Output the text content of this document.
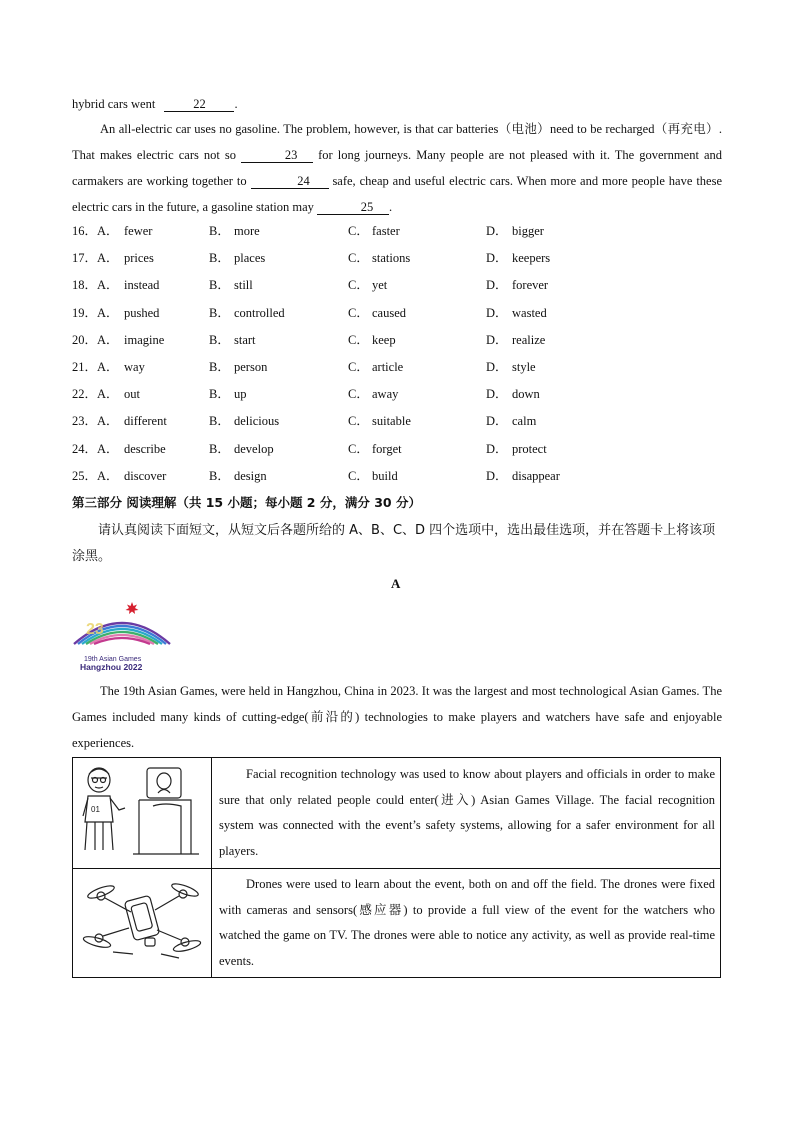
hybrid cars went	22 .
An all-electric car uses no gasoline. The problem, however, is that car batteries（电池）need to be recharged（再充电）. That makes electric cars not so	23 for long journeys. Many people are not pleased with it. The government and carmakers are working together to	24 safe, cheap and useful electric cars. When more and more people have these electric cars in the future, a gasoline station may	25 .
16．A． fewer	B． more	C． faster	D． bigger
17．A． prices	B． places	C． stations	D． keepers
18．A． instead	B． still	C． yet	D． forever
19．A． pushed	B． controlled	C． caused	D． wasted
20．A． imagine	B． start	C． keep	D． realize
21．A． way	B． person	C． article	D． style
22．A． out	B． up	C． away	D． down
23．A． different	B． delicious	C． suitable	D． calm
24．A． describe	B． develop	C． forget	D． protect
25．A． discover	B． design	C． build	D． disappear
第三部分 阅读理解（共 15 小题；每小题 2 分，满分 30 分）
请认真阅读下面短文，从短文后各题所给的 A、B、C、D 四个选项中，选出最佳选项，并在答题卡上将该项涂黑。
A
23
19th Asian Games
Hangzhou 2022
The 19th Asian Games, were held in Hangzhou, China in 2023. It was the largest and most technological Asian Games. The Games included many kinds of cutting-edge(前沿的) technologies to make players and watchers have safe and enjoyable experiences.
01
Facial recognition technology was used to know about players and officials in order to make sure that only related people could enter(进入) Asian Games Village. The facial recognition system was connected with the event’s safety systems, allowing for a safer environment for all players.
Drones were used to learn about the event, both on and off the field. The drones were fixed with cameras and sensors(感应器) to provide a full view of the event for the watchers who watched the game on TV. The drones were able to notice any activity, as well as provide real-time events.
